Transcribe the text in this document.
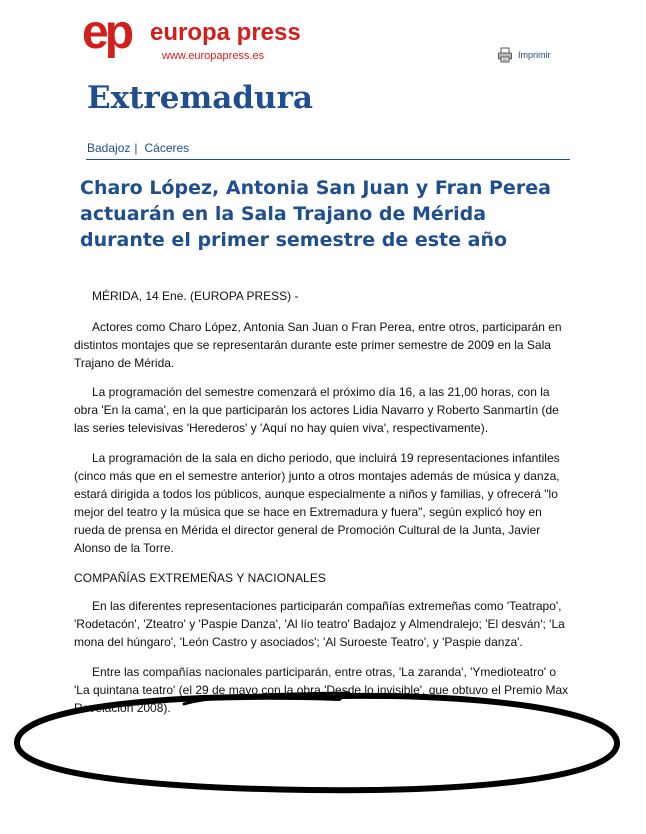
ep europa press
www.europapress.es	Imprimir
Extremadura
Badajoz | Cáceres
Charo López, Antonia San Juan y Fran Perea actuarán en la Sala Trajano de Mérida durante el primer semestre de este año

MÉRIDA, 14 Ene. (EUROPA PRESS) -

Actores como Charo López, Antonia San Juan o Fran Perea, entre otros, participarán en distintos montajes que se representarán durante este primer semestre de 2009 en la Sala Trajano de Mérida.

La programación del semestre comenzará el próximo día 16, a las 21,00 horas, con la obra 'En la cama', en la que participarán los actores Lidia Navarro y Roberto Sanmartín (de las series televisivas 'Herederos' y 'Aquí no hay quien viva', respectivamente).

La programación de la sala en dicho periodo, que incluirá 19 representaciones infantiles (cinco más que en el semestre anterior) junto a otros montajes además de música y danza, estará dirigida a todos los públicos, aunque especialmente a niños y familias, y ofrecerá "lo mejor del teatro y la música que se hace en Extremadura y fuera", según explicó hoy en rueda de prensa en Mérida el director general de Promoción Cultural de la Junta, Javier Alonso de la Torre.

COMPAÑÍAS EXTREMEÑAS Y NACIONALES

En las diferentes representaciones participarán compañías extremeñas como 'Teatrapo', 'Rodetacón', 'Zteatro' y 'Paspie Danza', 'Al lío teatro' Badajoz y Almendralejo; 'El desván'; 'La mona del húngaro', 'León Castro y asociados'; 'Al Suroeste Teatro', y 'Paspie danza'.

Entre las compañías nacionales participarán, entre otras, 'La zaranda', 'Ymedioteatro' o 'La quintana teatro' (el 29 de mayo con la obra 'Desde lo invisible', que obtuvo el Premio Max Revelación 2008).
